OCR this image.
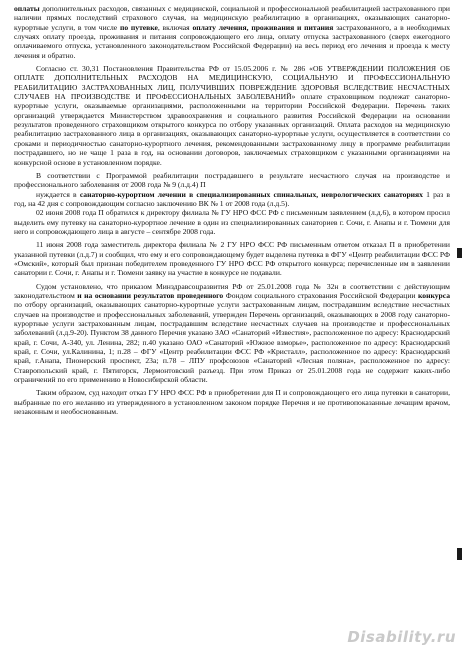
оплаты дополнительных расходов, связанных с медицинской, социальной и профессиональной реабилитацией застрахованного при наличии прямых последствий страхового случая, на медицинскую реабилитацию в организациях, оказывающих санаторно-курортные услуги, в том числе по путевке, включая оплату лечения, проживания и питания застрахованного, а в необходимых случаях оплату проезда, проживания и питания сопровождающего его лица, оплату отпуска застрахованного (сверх ежегодного оплачиваемого отпуска, установленного законодательством Российской Федерации) на весь период его лечения и проезда к месту лечения и обратно.

Согласно ст. 30,31 Постановления Правительства РФ от 15.05.2006 г. № 286 «ОБ УТВЕРЖДЕНИИ ПОЛОЖЕНИЯ ОБ ОПЛАТЕ ДОПОЛНИТЕЛЬНЫХ РАСХОДОВ НА МЕДИЦИНСКУЮ, СОЦИАЛЬНУЮ И ПРОФЕССИОНАЛЬНУЮ РЕАБИЛИТАЦИЮ ЗАСТРАХОВАННЫХ ЛИЦ, ПОЛУЧИВШИХ ПОВРЕЖДЕНИЕ ЗДОРОВЬЯ ВСЛЕДСТВИЕ НЕСЧАСТНЫХ СЛУЧАЕВ НА ПРОИЗВОДСТВЕ И ПРОФЕССИОНАЛЬНЫХ ЗАБОЛЕВАНИЙ» оплате страховщиком подлежат санаторно-курортные услуги, оказываемые организациями, расположенными на территории Российской Федерации. Перечень таких организаций утверждается Министерством здравоохранения и социального развития Российской Федерации на основании результатов проведенного страховщиком открытого конкурса по отбору указанных организаций. Оплата расходов на медицинскую реабилитацию застрахованного лица в организациях, оказывающих санаторно-курортные услуги, осуществляется в соответствии со сроками и периодичностью санаторно-курортного лечения, рекомендованными застрахованному лицу в программе реабилитации пострадавшего, но не чаще 1 раза в год, на основании договоров, заключаемых страховщиком с указанными организациями на конкурсной основе в установленном порядке.

В соответствии с Программой реабилитации пострадавшего в результате несчастного случая на производстве и профессионального заболевания от 2008 года № 9 (л.д.4) П

нуждается в санаторно-курортном лечении в специализированных спинальных, неврологических санаториях 1 раз в год, на 42 дня с сопровождающим согласно заключению ВК № 1 от 2008 года (л.д.5).

02 июня 2008 года П обратился к директору филиала № ГУ НРО ФСС РФ с письменным заявлением (л.д.6), в котором просил выделить ему путевку на санаторно-курортное лечение в один из специализированных санаториев г. Сочи, г. Анапы и г. Тюмени для него и сопровождающего лица в августе – сентябре 2008 года.

11 июня 2008 года заместитель директора филиала № 2 ГУ НРО ФСС РФ письменным ответом отказал П в приобретении указанной путевки (л.д.7) и сообщил, что ему и его сопровождающему будет выделена путевка в ФГУ «Центр реабилитации ФСС РФ «Омский», который был признан победителем проведенного ГУ НРО ФСС РФ открытого конкурса; перечисленные им в заявлении санатории г. Сочи, г. Анапы и г. Тюмени заявку на участие в конкурсе не подавали.

Судом установлено, что приказом Минздравсоцразвития РФ от 25.01.2008 года № 32н в соответствии с действующим законодательством и на основании результатов проведенного Фондом социального страхования Российской Федерации конкурса по отбору организаций, оказывающих санаторно-курортные услуги застрахованным лицам, пострадавшим вследствие несчастных случаев на производстве и профессиональных заболеваний, утвержден Перечень организаций, оказывающих в 2008 году санаторно-курортные услуги застрахованным лицам, пострадавшим вследствие несчастных случаев на производстве и профессиональных заболеваний (л.д.9-20). Пунктом 38 данного Перечня указано ЗАО «Санаторий «Известия», расположенное по адресу: Краснодарский край, г. Сочи, А-340, ул. Ленина, 282; п.40 указано ОАО «Санаторий «Южное взморье», расположенное по адресу: Краснодарский край, г. Сочи, ул.Калинина, 1; п.28 – ФГУ «Центр реабилитации ФСС РФ «Кристалл», расположенное по адресу: Краснодарский край, г.Анапа, Пионерский проспект, 23а; п.78 – ЛПУ профсоюзов «Санаторий «Лесная поляна», расположенное по адресу: Ставропольский край, г. Пятигорск, Лермонтовский разъезд. При этом Приказ от 25.01.2008 года не содержит каких-либо ограничений по его применению в Новосибирской области.

Таким образом, суд находит отказ ГУ НРО ФСС РФ в приобретении для П и сопровождающего его лица путевки в санатории, выбранные по его желанию из утвержденного в установленном законом порядке Перечня и не противопоказанные лечащим врачом, незаконным и необоснованным.

Disability.ru
